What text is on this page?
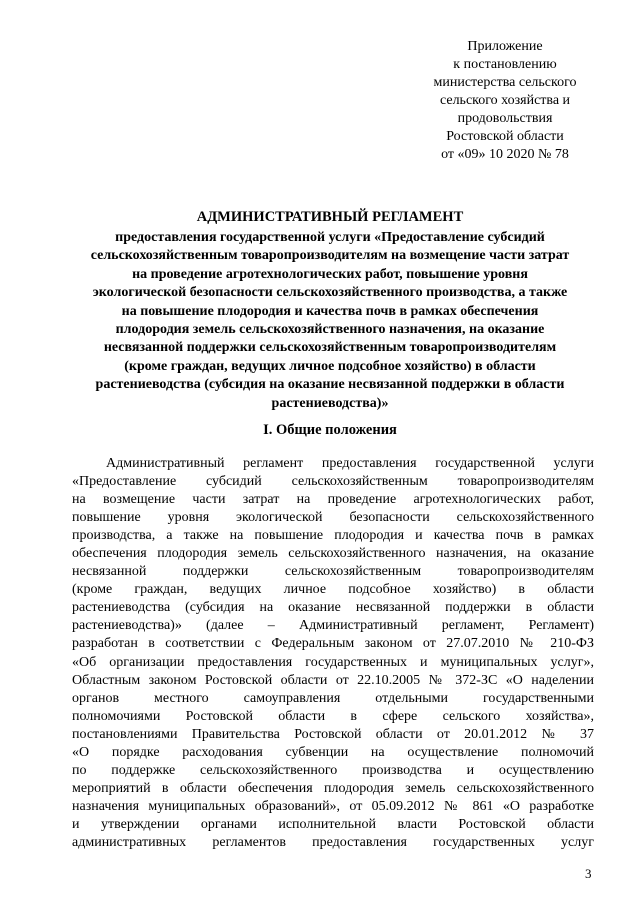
Приложение
к постановлению
министерства сельского
сельского хозяйства и
продовольствия
Ростовской области
от «09» 10 2020 № 78
АДМИНИСТРАТИВНЫЙ РЕГЛАМЕНТ
предоставления государственной услуги «Предоставление субсидий
сельскохозяйственным товаропроизводителям на возмещение части затрат
на проведение агротехнологических работ, повышение уровня
экологической безопасности сельскохозяйственного производства, а также
на повышение плодородия и качества почв в рамках обеспечения
плодородия земель сельскохозяйственного назначения, на оказание
несвязанной поддержки сельскохозяйственным товаропроизводителям
(кроме граждан, ведущих личное подсобное хозяйство) в области
растениеводства (субсидия на оказание несвязанной поддержки в области
растениеводства)»
I. Общие положения
Административный регламент предоставления государственной услуги
«Предоставление субсидий сельскохозяйственным товаропроизводителям
на возмещение части затрат на проведение агротехнологических работ,
повышение уровня экологической безопасности сельскохозяйственного
производства, а также на повышение плодородия и качества почв в рамках
обеспечения плодородия земель сельскохозяйственного назначения, на оказание
несвязанной поддержки сельскохозяйственным товаропроизводителям
(кроме граждан, ведущих личное подсобное хозяйство) в области
растениеводства (субсидия на оказание несвязанной поддержки в области
растениеводства)» (далее – Административный регламент, Регламент)
разработан в соответствии с Федеральным законом от 27.07.2010 № 210-ФЗ
«Об организации предоставления государственных и муниципальных услуг»,
Областным законом Ростовской области от 22.10.2005 № 372-ЗС «О наделении
органов местного самоуправления отдельными государственными
полномочиями Ростовской области в сфере сельского хозяйства»,
постановлениями Правительства Ростовской области от 20.01.2012 № 37
«О порядке расходования субвенции на осуществление полномочий
по поддержке сельскохозяйственного производства и осуществлению
мероприятий в области обеспечения плодородия земель сельскохозяйственного
назначения муниципальных образований», от 05.09.2012 № 861 «О разработке
и утверждении органами исполнительной власти Ростовской области
административных регламентов предоставления государственных услуг
3
